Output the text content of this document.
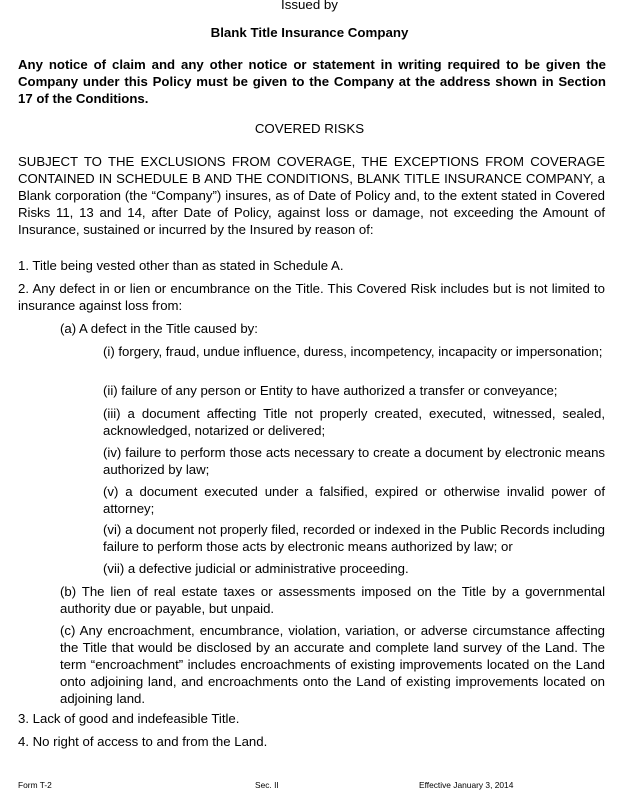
Issued by
Blank Title Insurance Company
Any notice of claim and any other notice or statement in writing required to be given the Company under this Policy must be given to the Company at the address shown in Section 17 of the Conditions.
COVERED RISKS
SUBJECT TO THE EXCLUSIONS FROM COVERAGE, THE EXCEPTIONS FROM COVERAGE CONTAINED IN SCHEDULE B AND THE CONDITIONS, BLANK TITLE INSURANCE COMPANY, a Blank corporation (the “Company”) insures, as of Date of Policy and, to the extent stated in Covered Risks 11, 13 and 14, after Date of Policy, against loss or damage, not exceeding the Amount of Insurance, sustained or incurred by the Insured by reason of:
1. Title being vested other than as stated in Schedule A.
2. Any defect in or lien or encumbrance on the Title. This Covered Risk includes but is not limited to insurance against loss from:
(a) A defect in the Title caused by:
(i) forgery, fraud, undue influence, duress, incompetency, incapacity or impersonation;
(ii) failure of any person or Entity to have authorized a transfer or conveyance;
(iii) a document affecting Title not properly created, executed, witnessed, sealed, acknowledged, notarized or delivered;
(iv) failure to perform those acts necessary to create a document by electronic means authorized by law;
(v) a document executed under a falsified, expired or otherwise invalid power of attorney;
(vi) a document not properly filed, recorded or indexed in the Public Records including failure to perform those acts by electronic means authorized by law; or
(vii) a defective judicial or administrative proceeding.
(b) The lien of real estate taxes or assessments imposed on the Title by a governmental authority due or payable, but unpaid.
(c) Any encroachment, encumbrance, violation, variation, or adverse circumstance affecting the Title that would be disclosed by an accurate and complete land survey of the Land. The term “encroachment” includes encroachments of existing improvements located on the Land onto adjoining land, and encroachments onto the Land of existing improvements located on adjoining land.
3. Lack of good and indefeasible Title.
4. No right of access to and from the Land.
Form T-2	Sec. II	Effective January 3, 2014
